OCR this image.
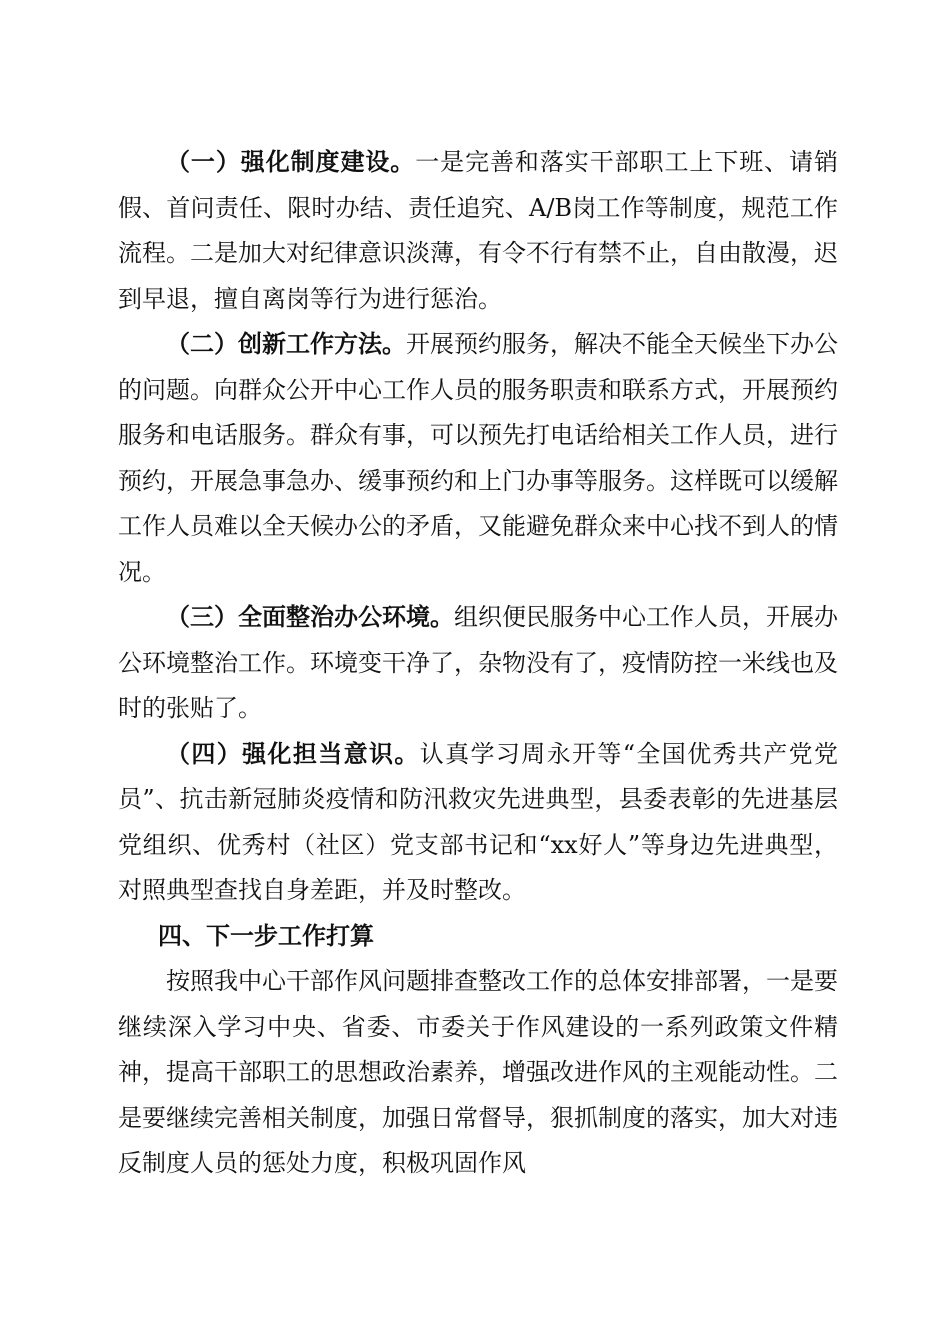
（一）强化制度建设。一是完善和落实干部职工上下班、请销假、首问责任、限时办结、责任追究、A/B岗工作等制度，规范工作流程。二是加大对纪律意识淡薄，有令不行有禁不止，自由散漫，迟到早退，擅自离岗等行为进行惩治。

（二）创新工作方法。开展预约服务，解决不能全天候坐下办公的问题。向群众公开中心工作人员的服务职责和联系方式，开展预约服务和电话服务。群众有事，可以预先打电话给相关工作人员，进行预约，开展急事急办、缓事预约和上门办事等服务。这样既可以缓解工作人员难以全天候办公的矛盾，又能避免群众来中心找不到人的情况。

（三）全面整治办公环境。组织便民服务中心工作人员，开展办公环境整治工作。环境变干净了，杂物没有了，疫情防控一米线也及时的张贴了。

（四）强化担当意识。认真学习周永开等“全国优秀共产党党员”、抗击新冠肺炎疫情和防汛救灾先进典型，县委表彰的先进基层党组织、优秀村（社区）党支部书记和“xx好人”等身边先进典型，对照典型查找自身差距，并及时整改。

四、下一步工作打算

按照我中心干部作风问题排查整改工作的总体安排部署，一是要继续深入学习中央、省委、市委关于作风建设的一系列政策文件精神，提高干部职工的思想政治素养，增强改进作风的主观能动性。二是要继续完善相关制度，加强日常督导，狠抓制度的落实，加大对违反制度人员的惩处力度，积极巩固作风
